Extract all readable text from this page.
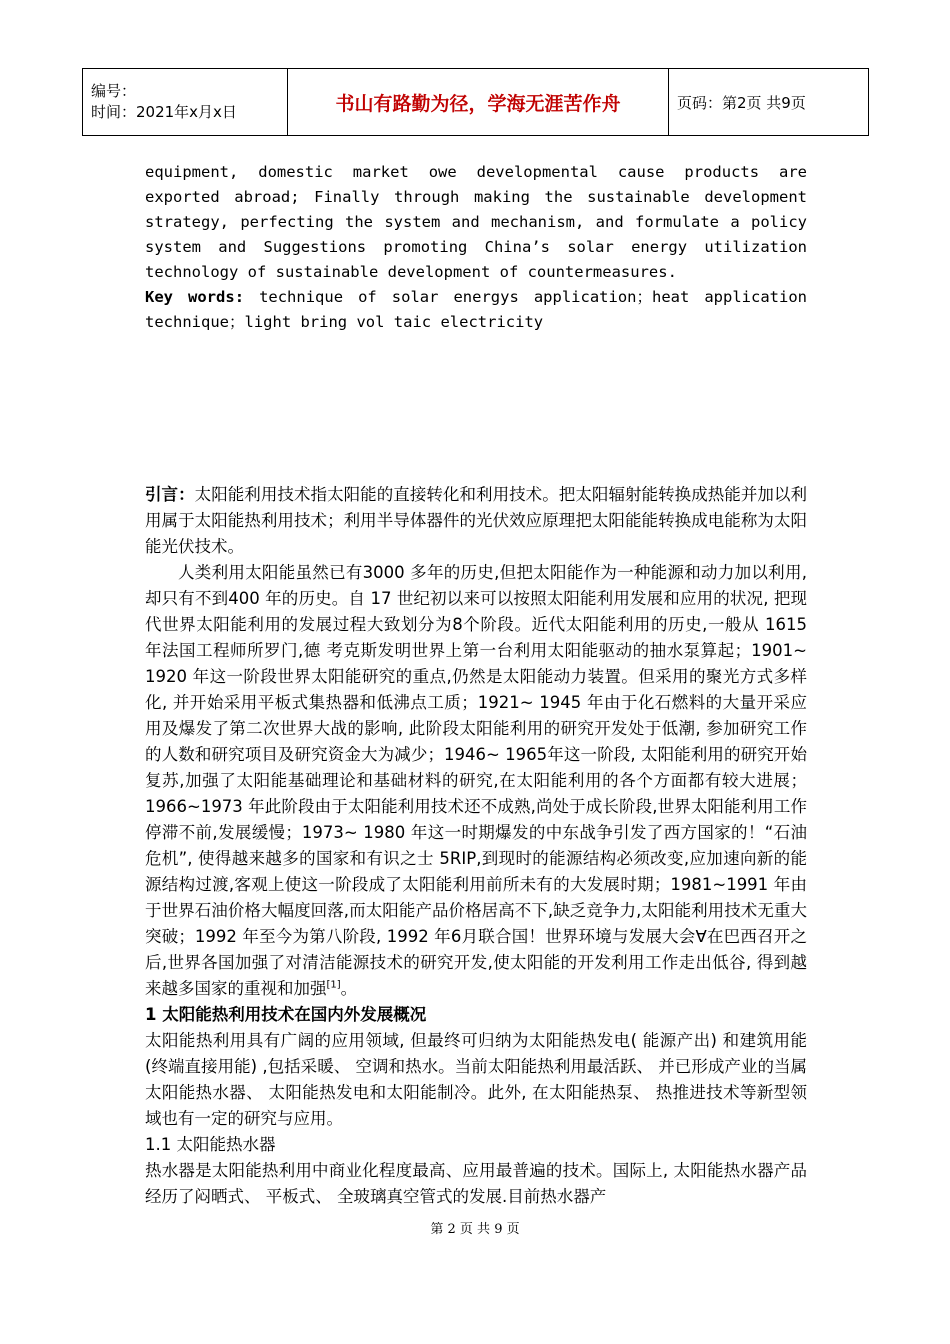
编号：
时间：2021年x月x日	书山有路勤为径，学海无涯苦作舟	页码：第2页 共9页

equipment, domestic market owe developmental cause products are exported abroad; Finally through making the sustainable development strategy, perfecting the system and mechanism, and formulate a policy system and Suggestions promoting China’s solar energy utilization technology of sustainable development of countermeasures.

Key words: technique of solar energys application；heat application technique；light bring vol taic electricity

引言：太阳能利用技术指太阳能的直接转化和利用技术。把太阳辐射能转换成热能并加以利用属于太阳能热利用技术；利用半导体器件的光伏效应原理把太阳能能转换成电能称为太阳能光伏技术。

人类利用太阳能虽然已有3000 多年的历史,但把太阳能作为一种能源和动力加以利用,却只有不到400 年的历史。自 17 世纪初以来可以按照太阳能利用发展和应用的状况, 把现代世界太阳能利用的发展过程大致划分为8个阶段。近代太阳能利用的历史,一般从 1615 年法国工程师所罗门,德 考克斯发明世界上第一台利用太阳能驱动的抽水泵算起；1901~ 1920 年这一阶段世界太阳能研究的重点,仍然是太阳能动力装置。但采用的聚光方式多样化, 并开始采用平板式集热器和低沸点工质；1921~ 1945 年由于化石燃料的大量开采应用及爆发了第二次世界大战的影响, 此阶段太阳能利用的研究开发处于低潮, 参加研究工作的人数和研究项目及研究资金大为减少；1946~ 1965年这一阶段, 太阳能利用的研究开始复苏,加强了太阳能基础理论和基础材料的研究,在太阳能利用的各个方面都有较大进展；1966~1973 年此阶段由于太阳能利用技术还不成熟,尚处于成长阶段,世界太阳能利用工作停滞不前,发展缓慢；1973~ 1980 年这一时期爆发的中东战争引发了西方国家的！“石油危机”, 使得越来越多的国家和有识之士 5RIP,到现时的能源结构必须改变,应加速向新的能源结构过渡,客观上使这一阶段成了太阳能利用前所未有的大发展时期；1981~1991 年由于世界石油价格大幅度回落,而太阳能产品价格居高不下,缺乏竞争力,太阳能利用技术无重大突破；1992 年至今为第八阶段, 1992 年6月联合国！世界环境与发展大会∀在巴西召开之后,世界各国加强了对清洁能源技术的研究开发,使太阳能的开发利用工作走出低谷, 得到越来越多国家的重视和加强[1]。

1 太阳能热利用技术在国内外发展概况

太阳能热利用具有广阔的应用领域, 但最终可归纳为太阳能热发电( 能源产出) 和建筑用能(终端直接用能) ,包括采暖、 空调和热水。当前太阳能热利用最活跃、 并已形成产业的当属太阳能热水器、 太阳能热发电和太阳能制冷。此外, 在太阳能热泵、 热推进技术等新型领域也有一定的研究与应用。

1.1 太阳能热水器

热水器是太阳能热利用中商业化程度最高、应用最普遍的技术。国际上, 太阳能热水器产品经历了闷晒式、 平板式、 全玻璃真空管式的发展.目前热水器产

第 2 页 共 9 页
